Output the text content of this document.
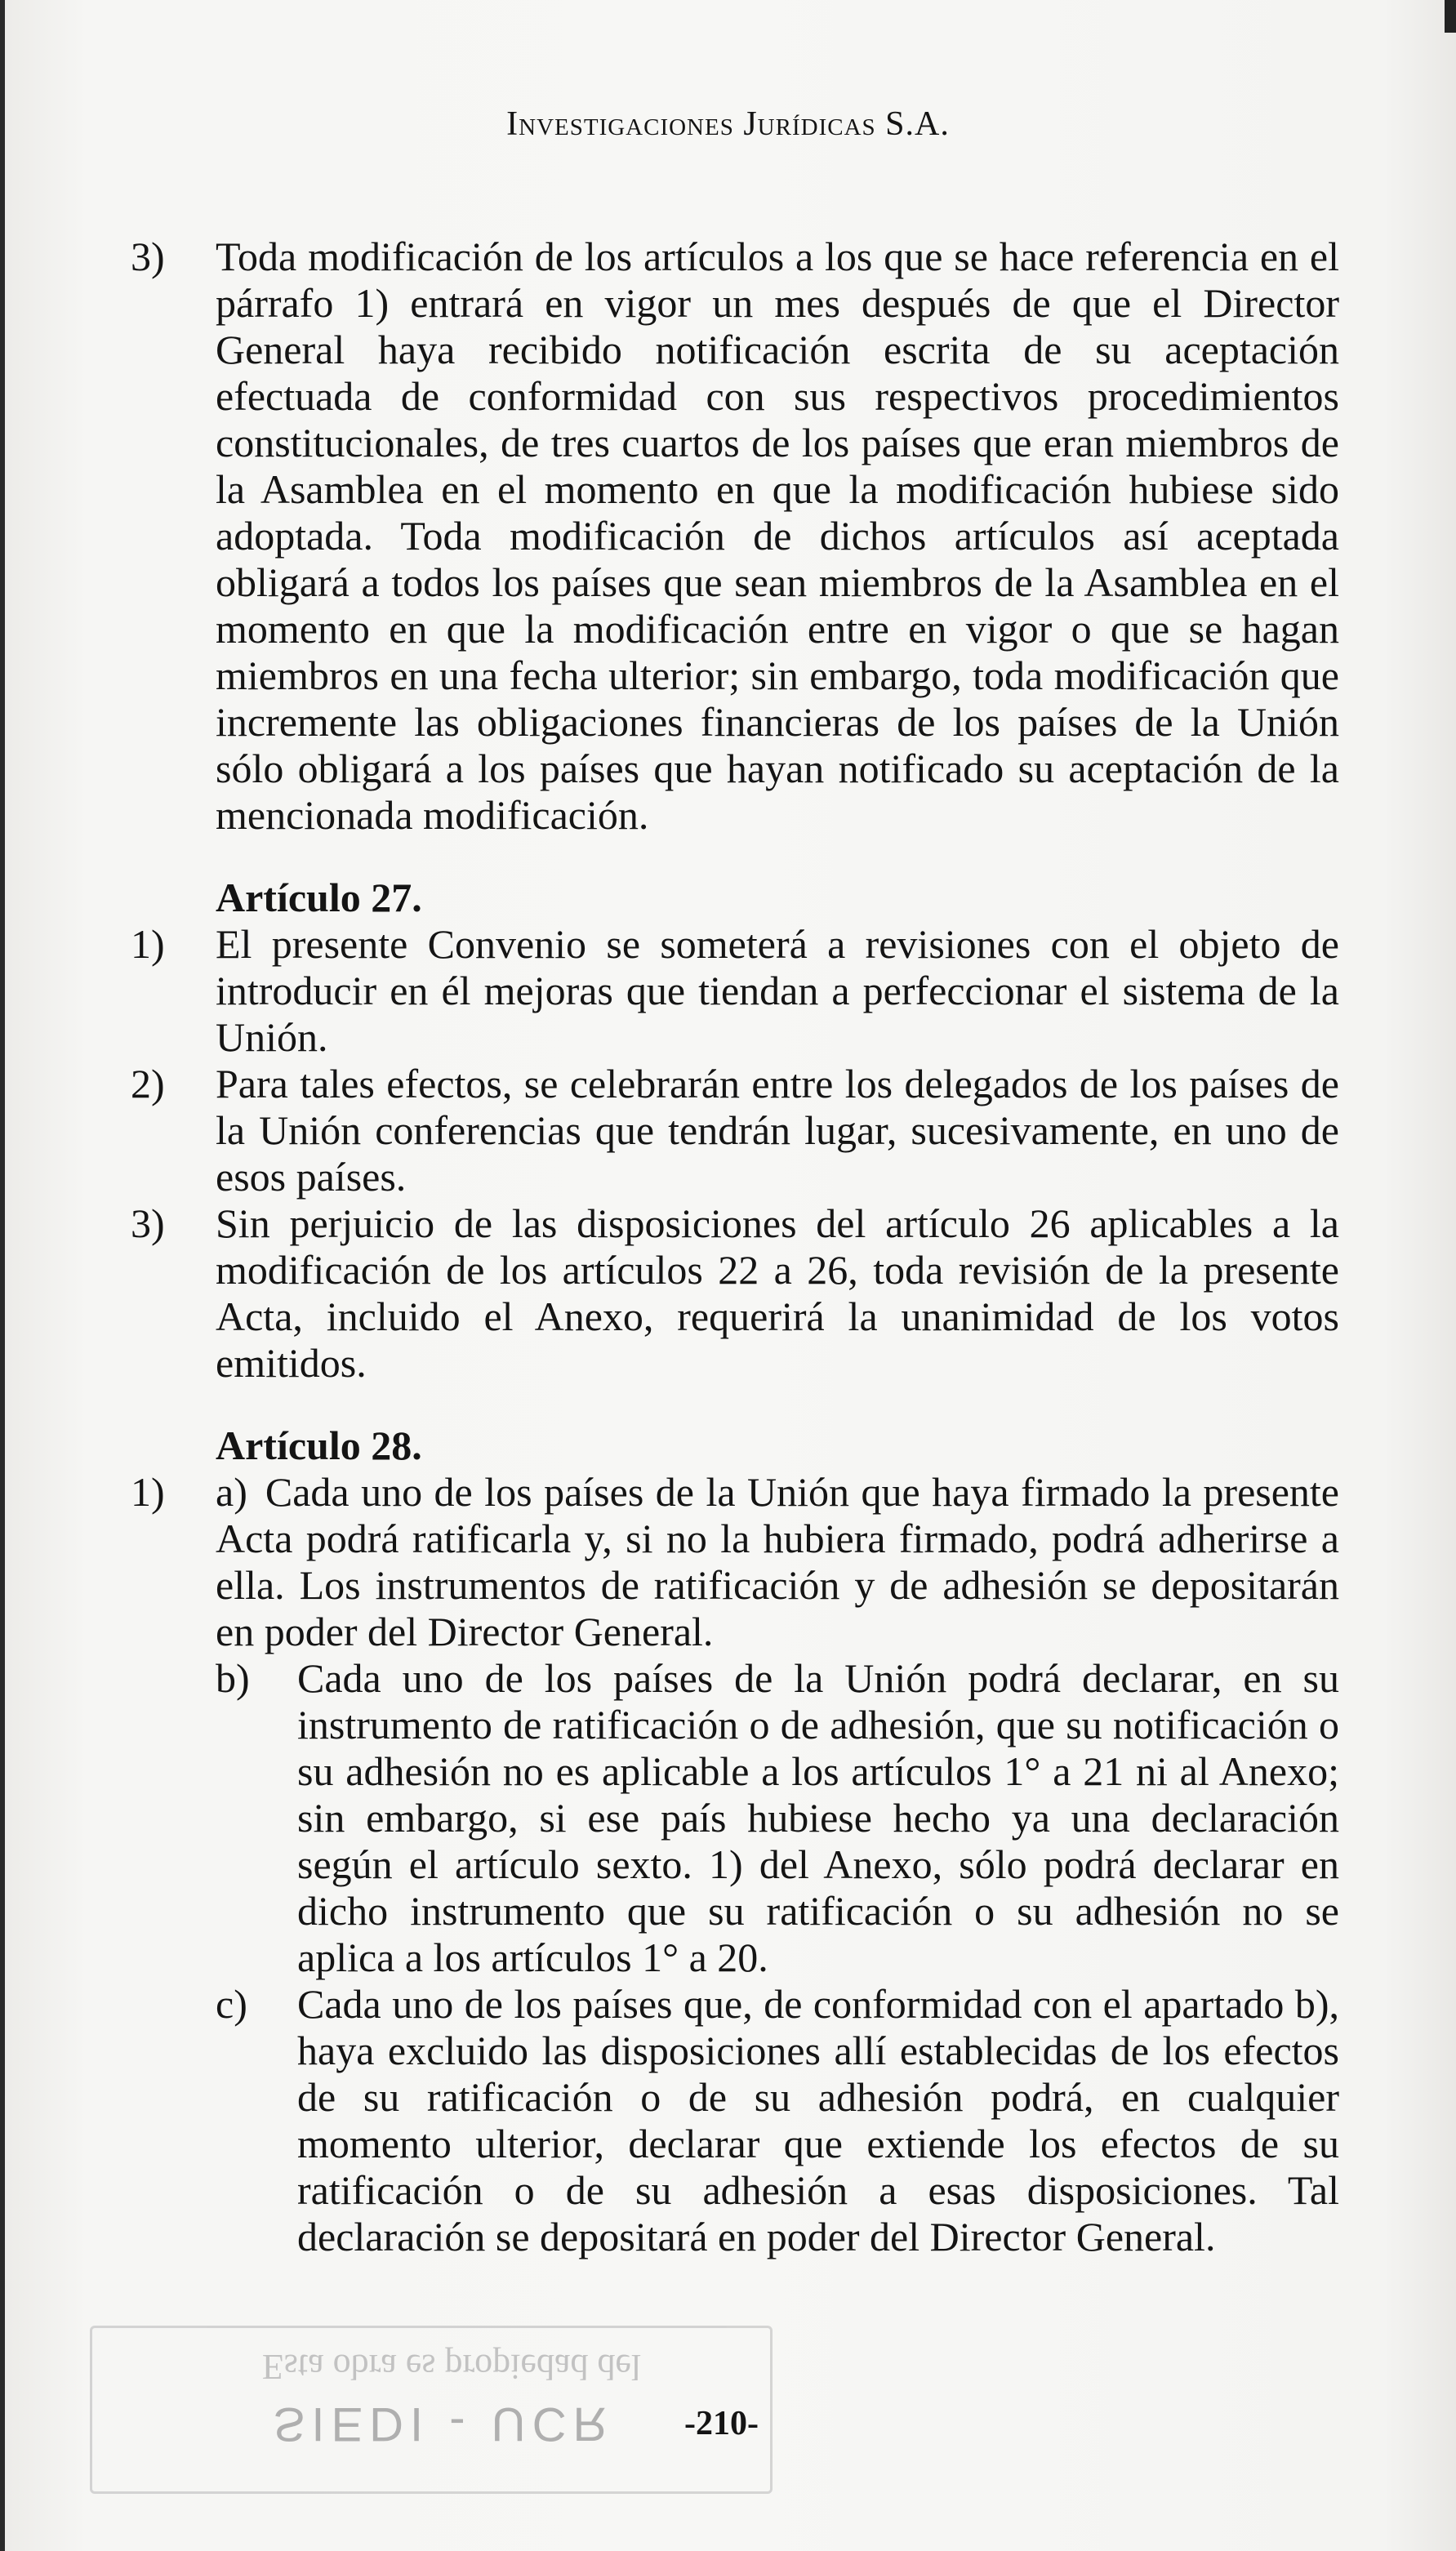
Investigaciones Jurídicas S.A.
3) Toda modificación de los artículos a los que se hace referencia en el párrafo 1) entrará en vigor un mes después de que el Director General haya recibido notificación escrita de su aceptación efectuada de conformidad con sus respectivos procedimientos constitucionales, de tres cuartos de los países que eran miembros de la Asamblea en el momento en que la modificación hubiese sido adoptada. Toda modificación de dichos artículos así aceptada obligará a todos los países que sean miembros de la Asamblea en el momento en que la modificación entre en vigor o que se hagan miembros en una fecha ulterior; sin embargo, toda modificación que incremente las obligaciones financieras de los países de la Unión sólo obligará a los países que hayan notificado su aceptación de la mencionada modificación.
Artículo 27.
1) El presente Convenio se someterá a revisiones con el objeto de introducir en él mejoras que tiendan a perfeccionar el sistema de la Unión.
2) Para tales efectos, se celebrarán entre los delegados de los países de la Unión conferencias que tendrán lugar, sucesivamente, en uno de esos países.
3) Sin perjuicio de las disposiciones del artículo 26 aplicables a la modificación de los artículos 22 a 26, toda revisión de la presente Acta, incluido el Anexo, requerirá la unanimidad de los votos emitidos.
Artículo 28.
1) a) Cada uno de los países de la Unión que haya firmado la presente Acta podrá ratificarla y, si no la hubiera firmado, podrá adherirse a ella. Los instrumentos de ratificación y de adhesión se depositarán en poder del Director General.
b) Cada uno de los países de la Unión podrá declarar, en su instrumento de ratificación o de adhesión, que su notificación o su adhesión no es aplicable a los artículos 1° a 21 ni al Anexo; sin embargo, si ese país hubiese hecho ya una declaración según el artículo sexto. 1) del Anexo, sólo podrá declarar en dicho instrumento que su ratificación o su adhesión no se aplica a los artículos 1° a 20.
c) Cada uno de los países que, de conformidad con el apartado b), haya excluido las disposiciones allí establecidas de los efectos de su ratificación o de su adhesión podrá, en cualquier momento ulterior, declarar que extiende los efectos de su ratificación o de su adhesión a esas disposiciones. Tal declaración se depositará en poder del Director General.
Esta obra es propiedad del
SIEDI - UCR -210-
